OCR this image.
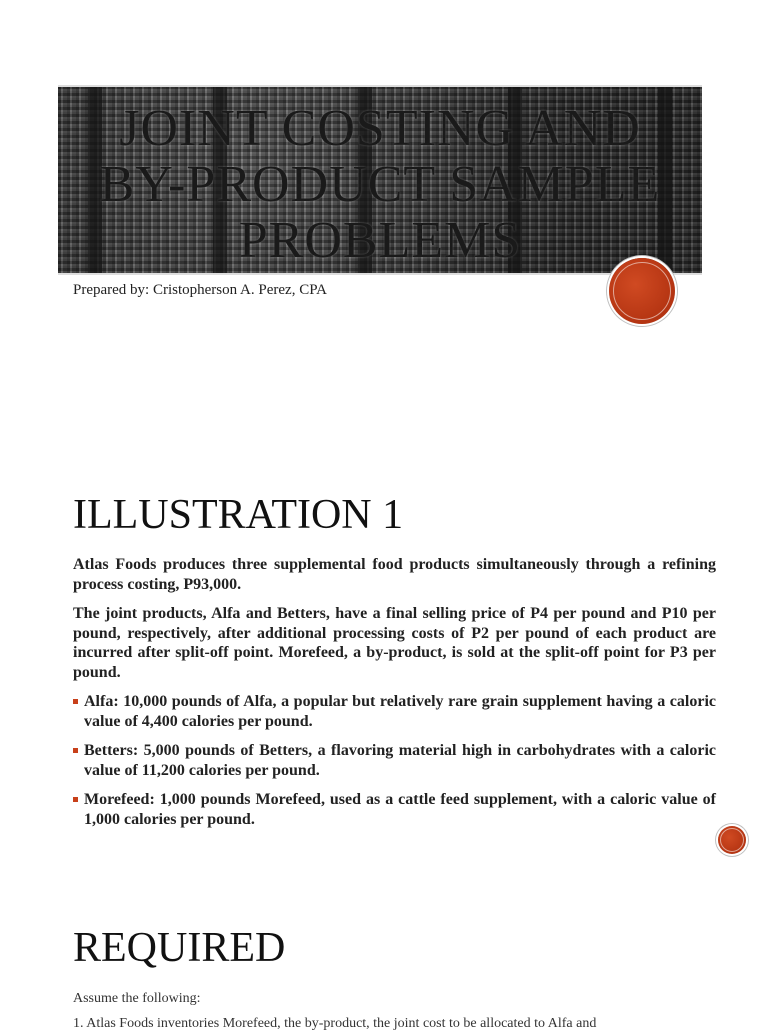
JOINT COSTING AND
BY-PRODUCT SAMPLE
PROBLEMS
Prepared by: Cristopherson A. Perez, CPA
ILLUSTRATION 1
Atlas Foods produces three supplemental food products simultaneously through a refining process costing, P93,000.
The joint products, Alfa and Betters, have a final selling price of P4 per pound and P10 per pound, respectively, after additional processing costs of P2 per pound of each product are incurred after split-off point. Morefeed, a by-product, is sold at the split-off point for P3 per pound.
Alfa: 10,000 pounds of Alfa, a popular but relatively rare grain supplement having a caloric value of 4,400 calories per pound.
Betters: 5,000 pounds of Betters, a flavoring material high in carbohydrates with a caloric value of 11,200 calories per pound.
Morefeed: 1,000 pounds Morefeed, used as a cattle feed supplement, with a caloric value of 1,000 calories per pound.
REQUIRED
Assume the following:
1. Atlas Foods inventories Morefeed, the by-product, the joint cost to be allocated to Alfa and
